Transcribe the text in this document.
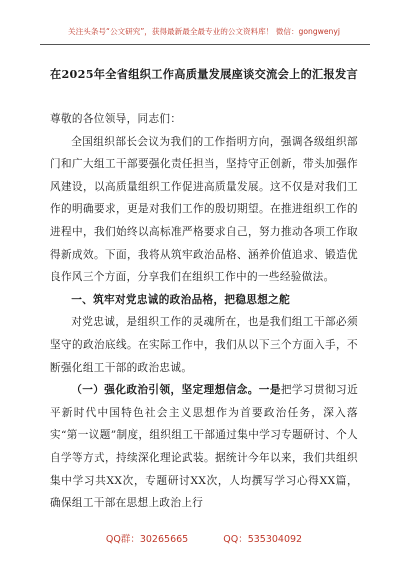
关注头条号“公文研究”，获得最新最全最专业的公文资料库！ 微信：gongwenyj
在2025年全省组织工作高质量发展座谈交流会上的汇报发言

尊敬的各位领导，同志们：

全国组织部长会议为我们的工作指明方向，强调各级组织部门和广大组工干部要强化责任担当，坚持守正创新，带头加强作风建设，以高质量组织工作促进高质量发展。这不仅是对我们工作的明确要求，更是对我们工作的殷切期望。在推进组织工作的进程中，我们始终以高标准严格要求自己，努力推动各项工作取得新成效。下面，我将从筑牢政治品格、涵养价值追求、锻造优良作风三个方面，分享我们在组织工作中的一些经验做法。

一、筑牢对党忠诚的政治品格，把稳思想之舵

对党忠诚，是组织工作的灵魂所在，也是我们组工干部必须坚守的政治底线。在实际工作中，我们从以下三个方面入手，不断强化组工干部的政治忠诚。

（一）强化政治引领，坚定理想信念。一是把学习贯彻习近平新时代中国特色社会主义思想作为首要政治任务，深入落实“第一议题”制度，组织组工干部通过集中学习专题研讨、个人自学等方式，持续深化理论武装。据统计今年以来，我们共组织集中学习共XX次，专题研讨XX次，人均撰写学习心得XX篇，确保组工干部在思想上政治上行

QQ群：30265665	QQ：535304092
